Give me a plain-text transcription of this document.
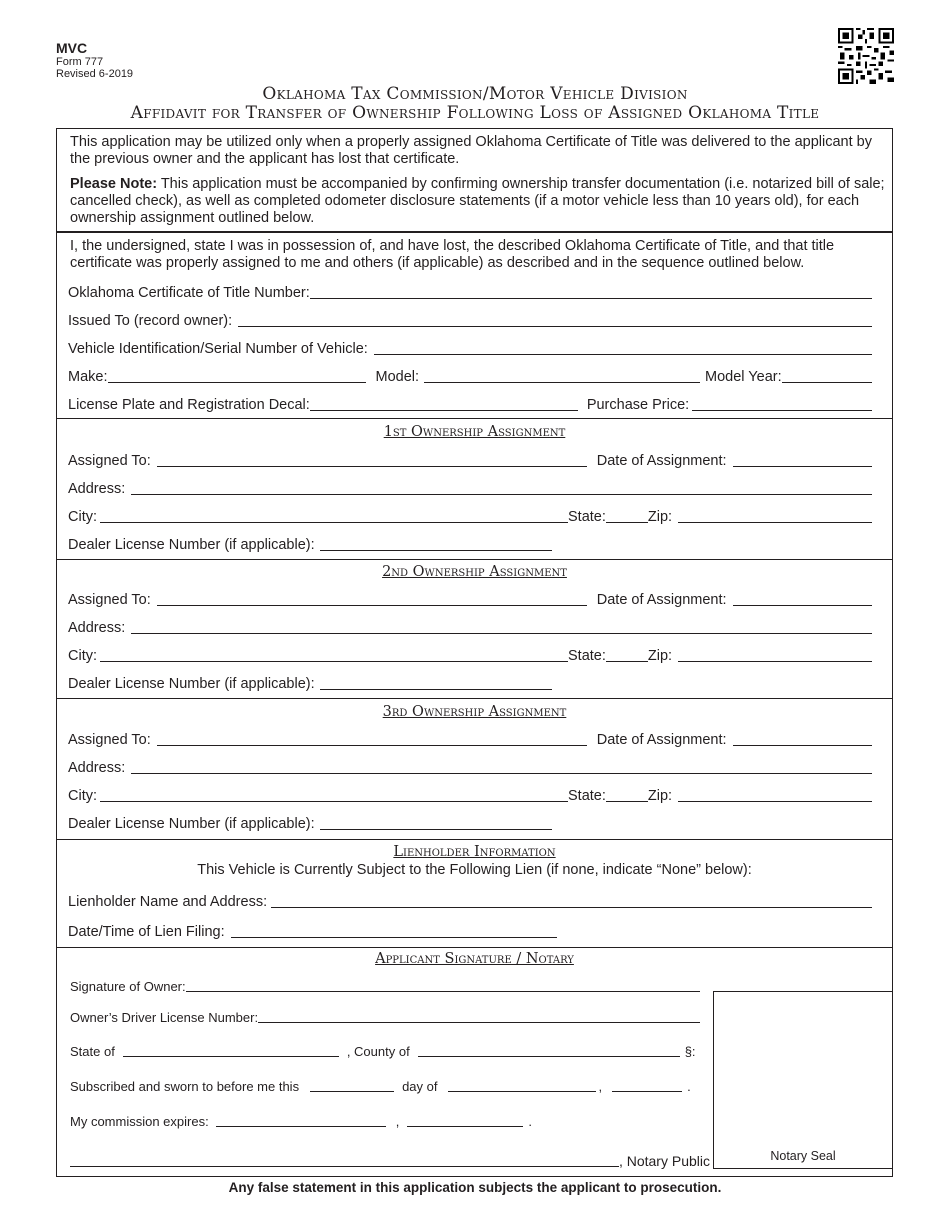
MVC
Form 777
Revised 6-2019
Oklahoma Tax Commission/Motor Vehicle Division
Affidavit for Transfer of Ownership Following Loss of Assigned Oklahoma Title
This application may be utilized only when a properly assigned Oklahoma Certificate of Title was delivered to the applicant by the previous owner and the applicant has lost that certificate.
Please Note: This application must be accompanied by confirming ownership transfer documentation (i.e. notarized bill of sale; cancelled check), as well as completed odometer disclosure statements (if a motor vehicle less than 10 years old), for each ownership assignment outlined below.
I, the undersigned, state I was in possession of, and have lost, the described Oklahoma Certificate of Title, and that title certificate was properly assigned to me and others (if applicable) as described and in the sequence outlined below.
Oklahoma Certificate of Title Number:
Issued To (record owner):
Vehicle Identification/Serial Number of Vehicle:
Make:	Model:	Model Year:
License Plate and Registration Decal:	Purchase Price:
1st Ownership Assignment
Assigned To:	Date of Assignment:
Address:
City:	State:	Zip:
Dealer License Number (if applicable):
2nd Ownership Assignment
Assigned To:	Date of Assignment:
Address:
City:	State:	Zip:
Dealer License Number (if applicable):
3rd Ownership Assignment
Assigned To:	Date of Assignment:
Address:
City:	State:	Zip:
Dealer License Number (if applicable):
Lienholder Information
This Vehicle is Currently Subject to the Following Lien (if none, indicate “None” below):
Lienholder Name and Address:
Date/Time of Lien Filing:
Applicant Signature / Notary
Signature of Owner:
Owner’s Driver License Number:
State of	, County of	§:
Subscribed and sworn to before me this	day of	,	.
My commission expires:	,	.
, Notary Public	Notary Seal
Any false statement in this application subjects the applicant to prosecution.
